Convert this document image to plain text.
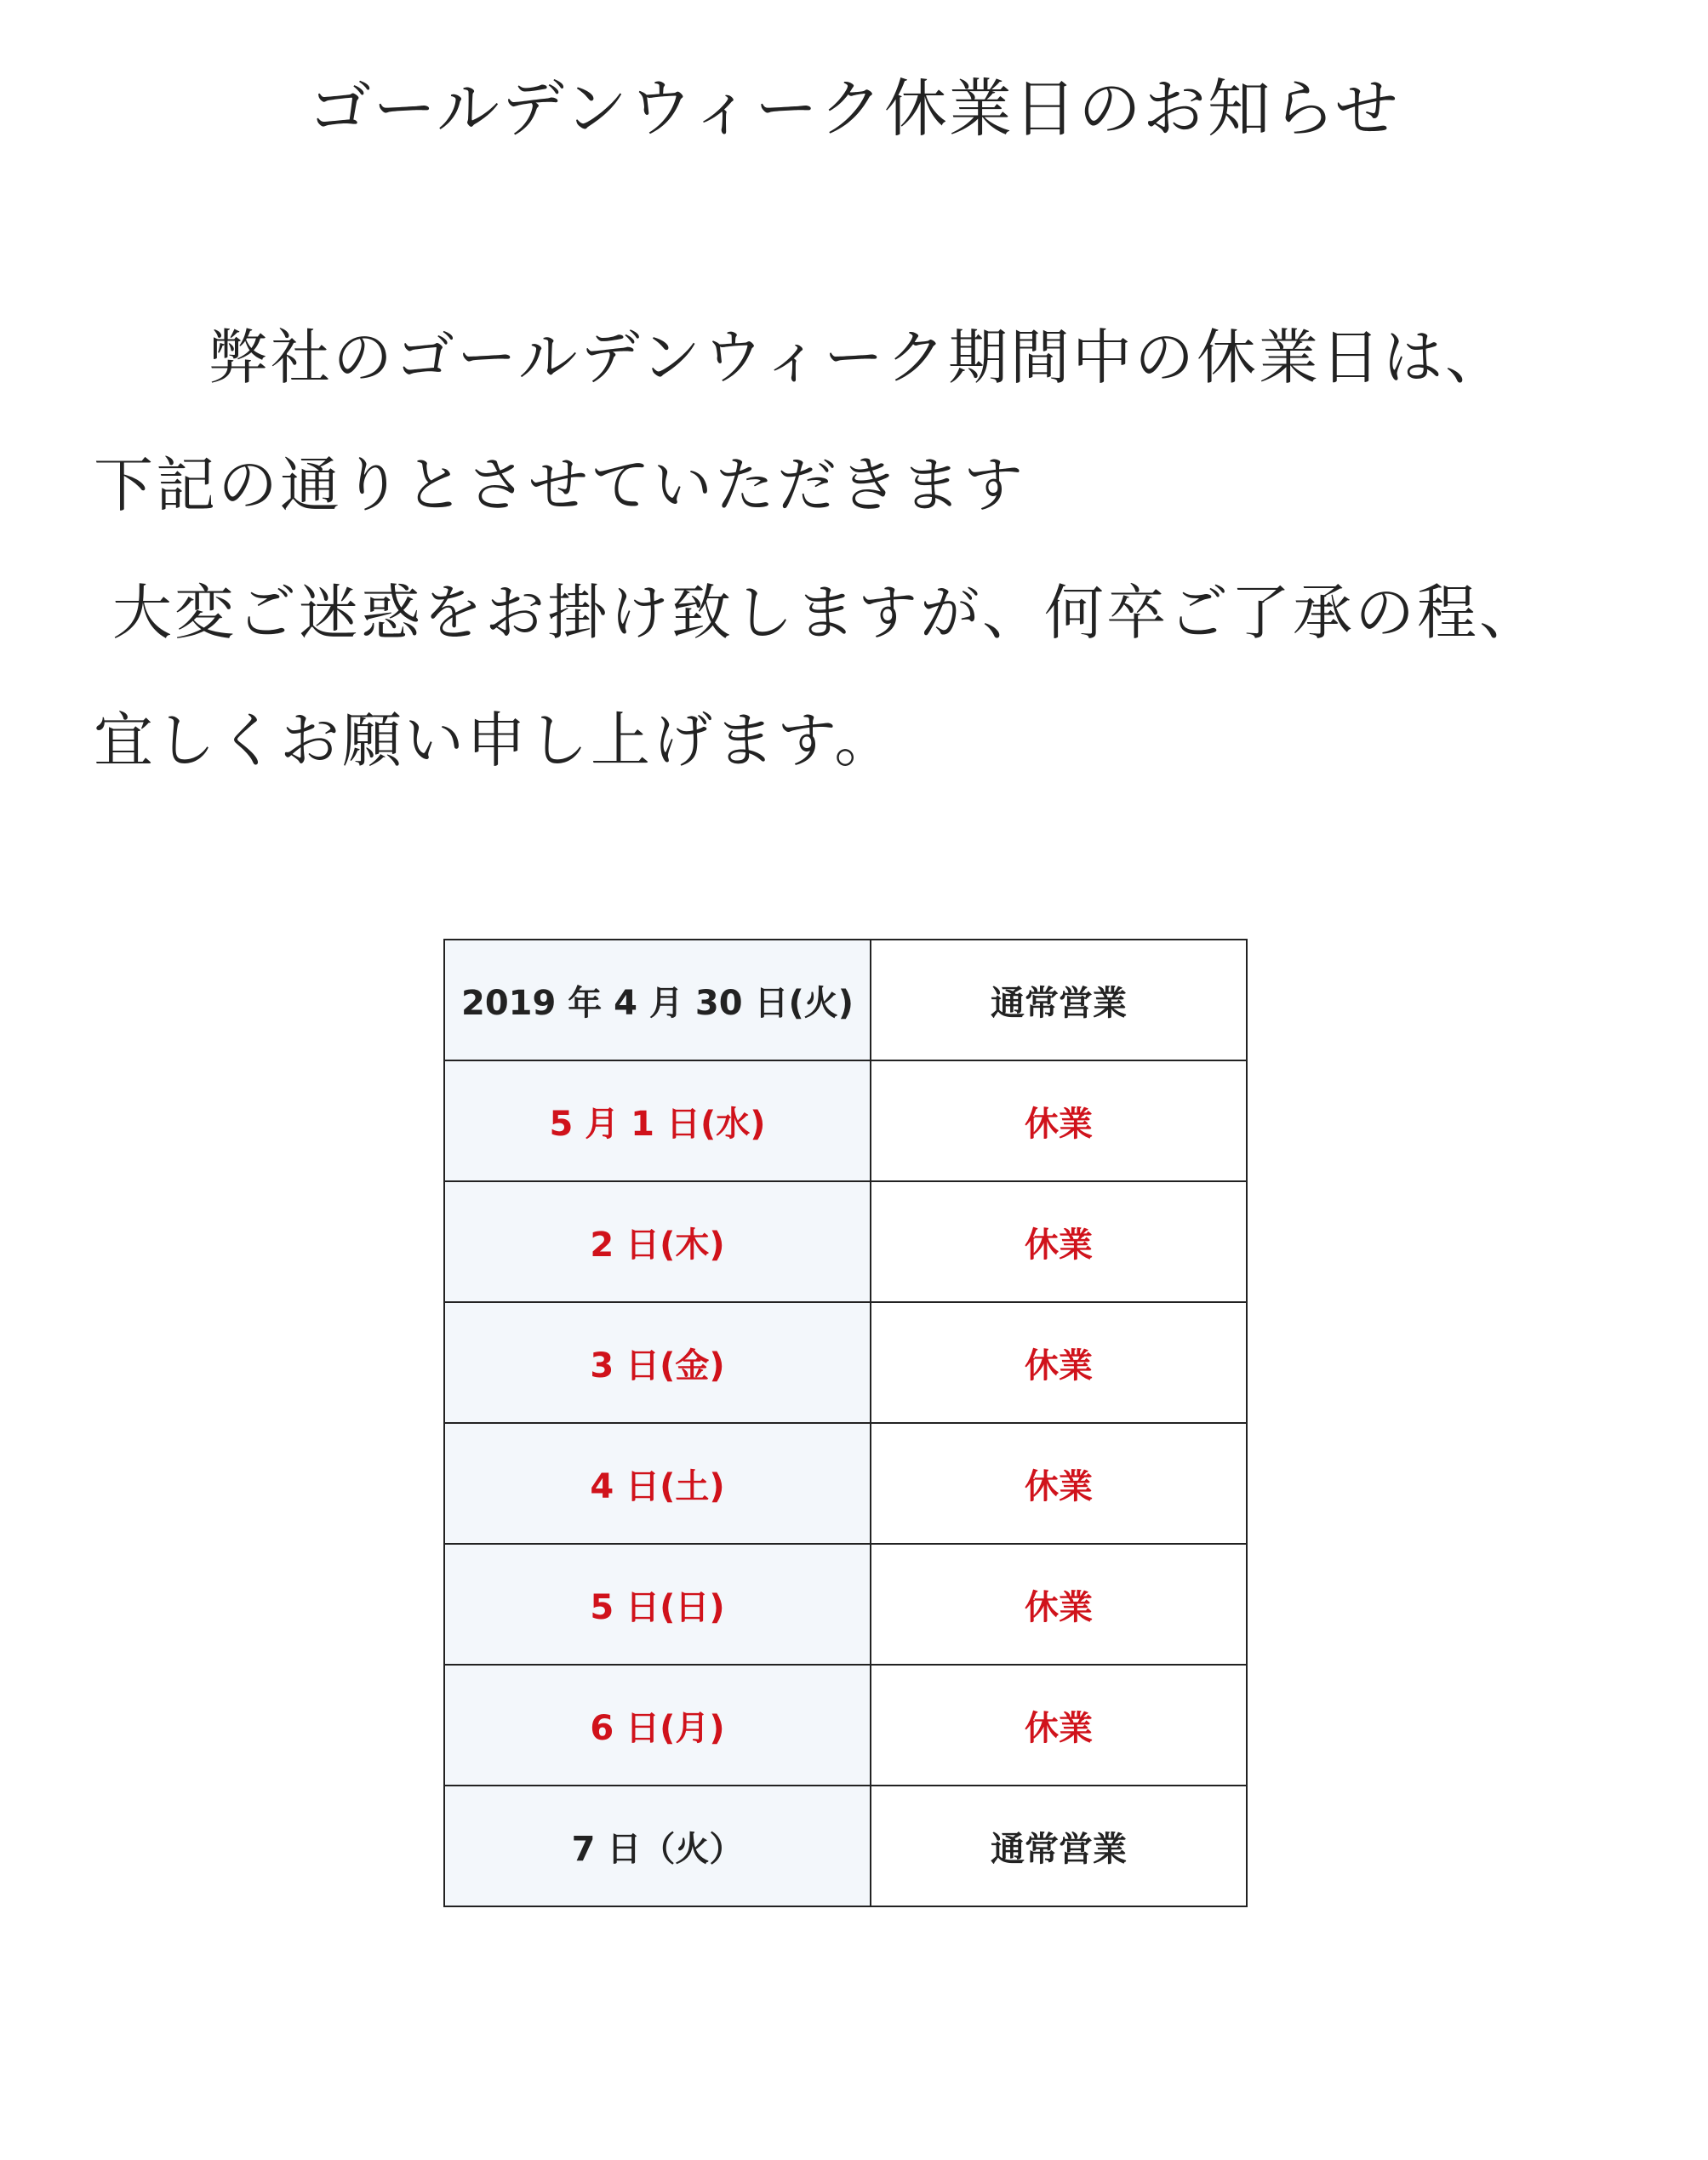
ゴールデンウィーク休業日のお知らせ
弊社のゴールデンウィーク期間中の休業日は、
下記の通りとさせていただきます
大変ご迷惑をお掛け致しますが、何卒ご了承の程、
宜しくお願い申し上げます。
2019 年 4 月 30 日(火)	通常営業
5 月 1 日(水)	休業
2 日(木)	休業
3 日(金)	休業
4 日(土)	休業
5 日(日)	休業
6 日(月)	休業
7 日（火）	通常営業
